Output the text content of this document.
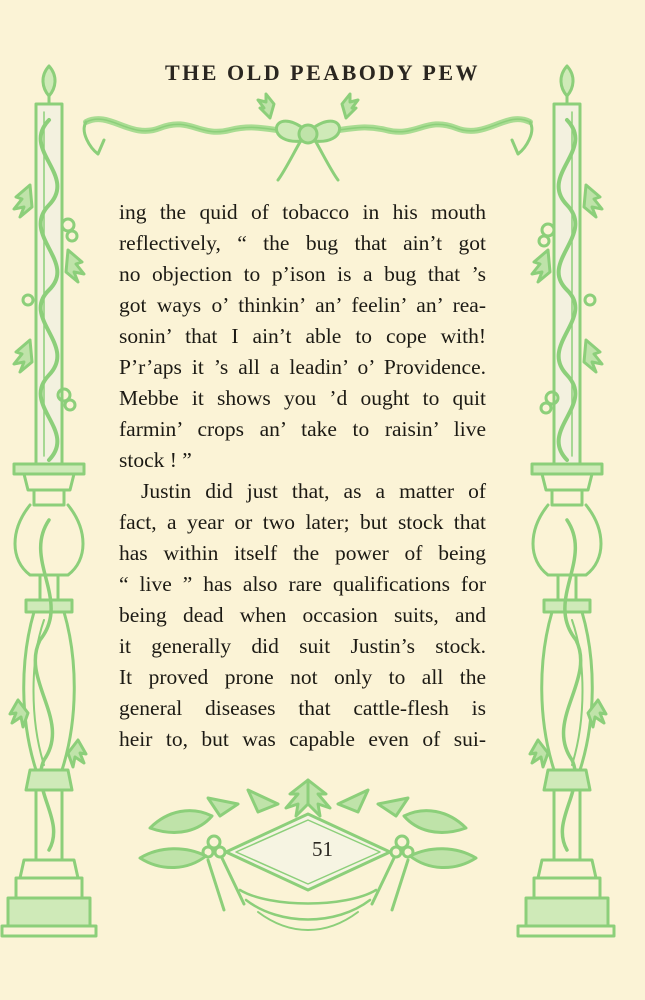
THE OLD PEABODY PEW
ing the quid of tobacco in his mouth
reflectively, “ the bug that ain’t got
no objection to p’ison is a bug that ’s
got ways o’ thinkin’ an’ feelin’ an’ rea-
sonin’ that I ain’t able to cope with!
P’r’aps it ’s all a leadin’ o’ Providence.
Mebbe it shows you ’d ought to quit
farmin’ crops an’ take to raisin’ live
stock ! ”
Justin did just that, as a matter of
fact, a year or two later; but stock that
has within itself the power of being
“ live ” has also rare qualifications for
being dead when occasion suits, and
it generally did suit Justin’s stock.
It proved prone not only to all the
general diseases that cattle-flesh is
heir to, but was capable even of sui-
51
